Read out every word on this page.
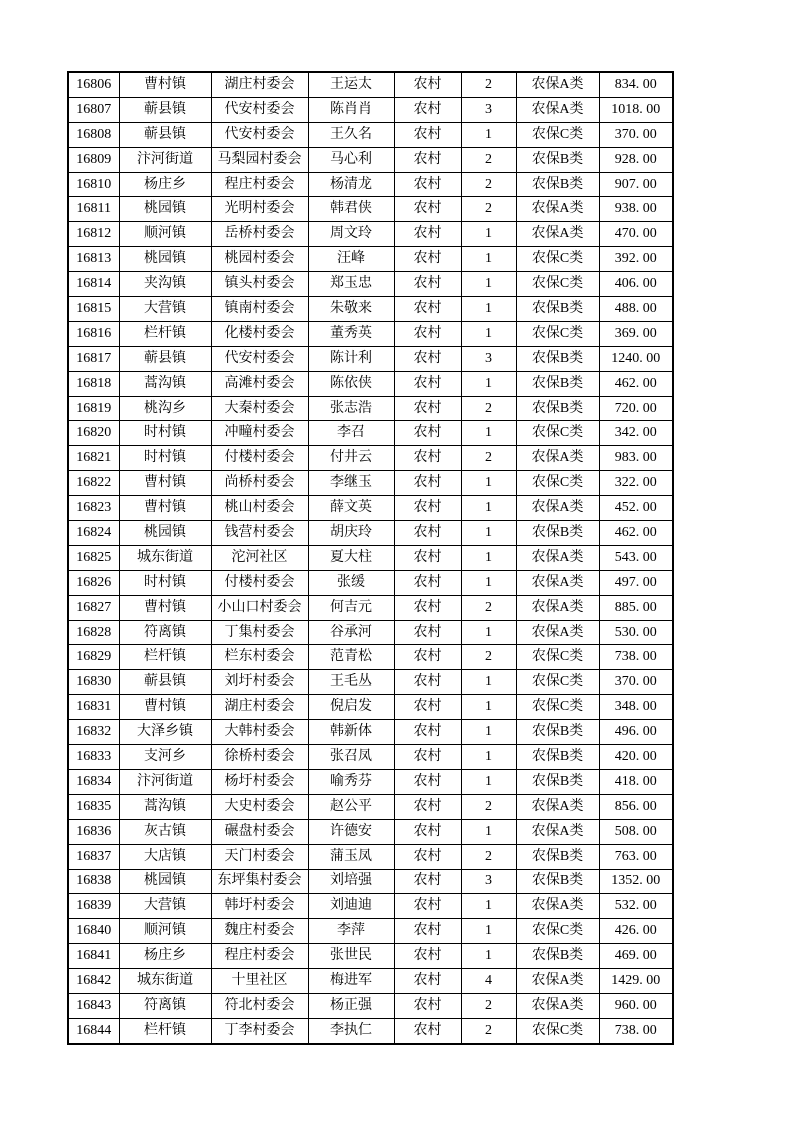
16806	曹村镇	湖庄村委会	王运太	农村	2	农保A类	834. 00
16807	蕲县镇	代安村委会	陈肖肖	农村	3	农保A类	1018. 00
16808	蕲县镇	代安村委会	王久名	农村	1	农保C类	370. 00
16809	汴河街道	马梨园村委会	马心利	农村	2	农保B类	928. 00
16810	杨庄乡	程庄村委会	杨清龙	农村	2	农保B类	907. 00
16811	桃园镇	光明村委会	韩君侠	农村	2	农保A类	938. 00
16812	顺河镇	岳桥村委会	周文玲	农村	1	农保A类	470. 00
16813	桃园镇	桃园村委会	汪峰	农村	1	农保C类	392. 00
16814	夹沟镇	镇头村委会	郑玉忠	农村	1	农保C类	406. 00
16815	大营镇	镇南村委会	朱敬来	农村	1	农保B类	488. 00
16816	栏杆镇	化楼村委会	董秀英	农村	1	农保C类	369. 00
16817	蕲县镇	代安村委会	陈计利	农村	3	农保B类	1240. 00
16818	蒿沟镇	高滩村委会	陈依侠	农村	1	农保B类	462. 00
16819	桃沟乡	大秦村委会	张志浩	农村	2	农保B类	720. 00
16820	时村镇	冲疃村委会	李召	农村	1	农保C类	342. 00
16821	时村镇	付楼村委会	付井云	农村	2	农保A类	983. 00
16822	曹村镇	尚桥村委会	李继玉	农村	1	农保C类	322. 00
16823	曹村镇	桃山村委会	薛文英	农村	1	农保A类	452. 00
16824	桃园镇	钱营村委会	胡庆玲	农村	1	农保B类	462. 00
16825	城东街道	沱河社区	夏大柱	农村	1	农保A类	543. 00
16826	时村镇	付楼村委会	张缓	农村	1	农保A类	497. 00
16827	曹村镇	小山口村委会	何吉元	农村	2	农保A类	885. 00
16828	符离镇	丁集村委会	谷承河	农村	1	农保A类	530. 00
16829	栏杆镇	栏东村委会	范青松	农村	2	农保C类	738. 00
16830	蕲县镇	刘圩村委会	王毛丛	农村	1	农保C类	370. 00
16831	曹村镇	湖庄村委会	倪启发	农村	1	农保C类	348. 00
16832	大泽乡镇	大韩村委会	韩新体	农村	1	农保B类	496. 00
16833	支河乡	徐桥村委会	张召凤	农村	1	农保B类	420. 00
16834	汴河街道	杨圩村委会	喻秀芬	农村	1	农保B类	418. 00
16835	蒿沟镇	大史村委会	赵公平	农村	2	农保A类	856. 00
16836	灰古镇	碾盘村委会	许德安	农村	1	农保A类	508. 00
16837	大店镇	天门村委会	蒲玉凤	农村	2	农保B类	763. 00
16838	桃园镇	东坪集村委会	刘培强	农村	3	农保B类	1352. 00
16839	大营镇	韩圩村委会	刘迪迪	农村	1	农保A类	532. 00
16840	顺河镇	魏庄村委会	李萍	农村	1	农保C类	426. 00
16841	杨庄乡	程庄村委会	张世民	农村	1	农保B类	469. 00
16842	城东街道	十里社区	梅进军	农村	4	农保A类	1429. 00
16843	符离镇	符北村委会	杨正强	农村	2	农保A类	960. 00
16844	栏杆镇	丁李村委会	李执仁	农村	2	农保C类	738. 00
